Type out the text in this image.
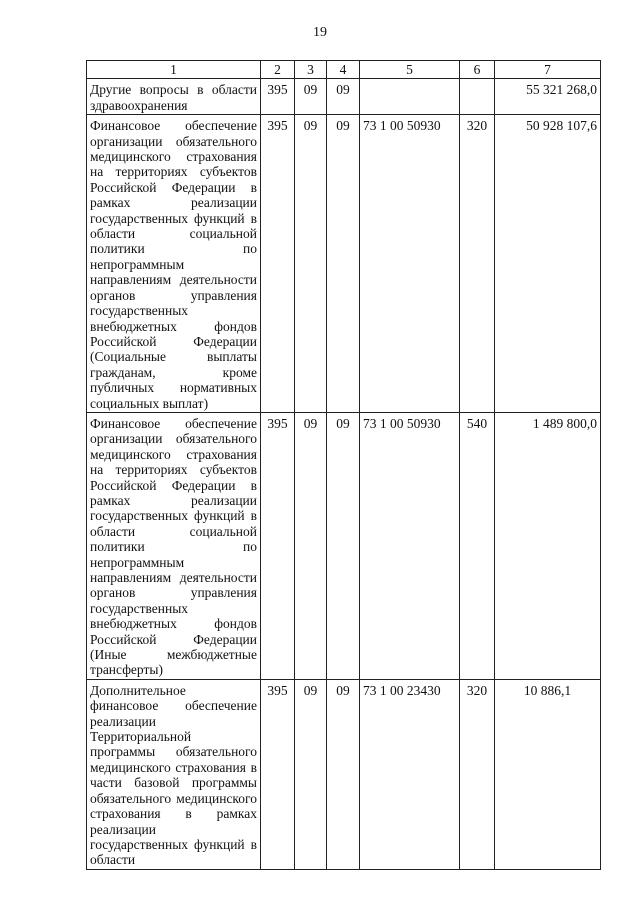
19
1	2	3	4	5	6	7
Другие вопросы в области здравоохранения	395	09	09			55 321 268,0
Финансовое обеспечение организации обязательного медицинского страхования на территориях субъектов Российской Федерации в рамках реализации государственных функций в области социальной политики по непрограммным направлениям деятельности органов управления государственных внебюджетных фондов Российской Федерации (Социальные выплаты гражданам, кроме публичных нормативных социальных выплат)	395	09	09	73 1 00 50930	320	50 928 107,6
Финансовое обеспечение организации обязательного медицинского страхования на территориях субъектов Российской Федерации в рамках реализации государственных функций в области социальной политики по непрограммным направлениям деятельности органов управления государственных внебюджетных фондов Российской Федерации (Иные межбюджетные трансферты)	395	09	09	73 1 00 50930	540	1 489 800,0
Дополнительное финансовое обеспечение реализации Территориальной программы обязательного медицинского страхования в части базовой программы обязательного медицинского страхования в рамках реализации государственных функций в области	395	09	09	73 1 00 23430	320	10 886,1
